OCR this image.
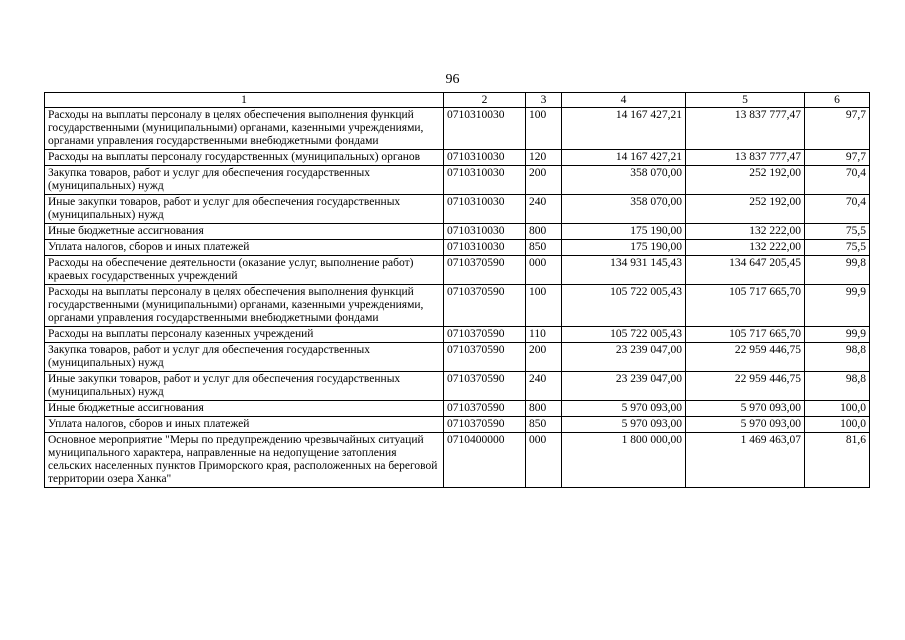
96
1	2	3	4	5	6
Расходы на выплаты персоналу в целях обеспечения выполнения функций государственными (муниципальными) органами, казенными учреждениями, органами управления государственными внебюджетными фондами	0710310030	100	14 167 427,21	13 837 777,47	97,7
Расходы на выплаты персоналу государственных (муниципальных) органов	0710310030	120	14 167 427,21	13 837 777,47	97,7
Закупка товаров, работ и услуг для обеспечения государственных (муниципальных) нужд	0710310030	200	358 070,00	252 192,00	70,4
Иные закупки товаров, работ и услуг для обеспечения государственных (муниципальных) нужд	0710310030	240	358 070,00	252 192,00	70,4
Иные бюджетные ассигнования	0710310030	800	175 190,00	132 222,00	75,5
Уплата налогов, сборов и иных платежей	0710310030	850	175 190,00	132 222,00	75,5
Расходы на обеспечение деятельности (оказание услуг, выполнение работ) краевых государственных учреждений	0710370590	000	134 931 145,43	134 647 205,45	99,8
Расходы на выплаты персоналу в целях обеспечения выполнения функций государственными (муниципальными) органами, казенными учреждениями, органами управления государственными внебюджетными фондами	0710370590	100	105 722 005,43	105 717 665,70	99,9
Расходы на выплаты персоналу казенных учреждений	0710370590	110	105 722 005,43	105 717 665,70	99,9
Закупка товаров, работ и услуг для обеспечения государственных (муниципальных) нужд	0710370590	200	23 239 047,00	22 959 446,75	98,8
Иные закупки товаров, работ и услуг для обеспечения государственных (муниципальных) нужд	0710370590	240	23 239 047,00	22 959 446,75	98,8
Иные бюджетные ассигнования	0710370590	800	5 970 093,00	5 970 093,00	100,0
Уплата налогов, сборов и иных платежей	0710370590	850	5 970 093,00	5 970 093,00	100,0
Основное мероприятие "Меры по предупреждению чрезвычайных ситуаций муниципального характера, направленные на недопущение затопления сельских населенных пунктов Приморского края, расположенных на береговой территории озера Ханка"	0710400000	000	1 800 000,00	1 469 463,07	81,6
